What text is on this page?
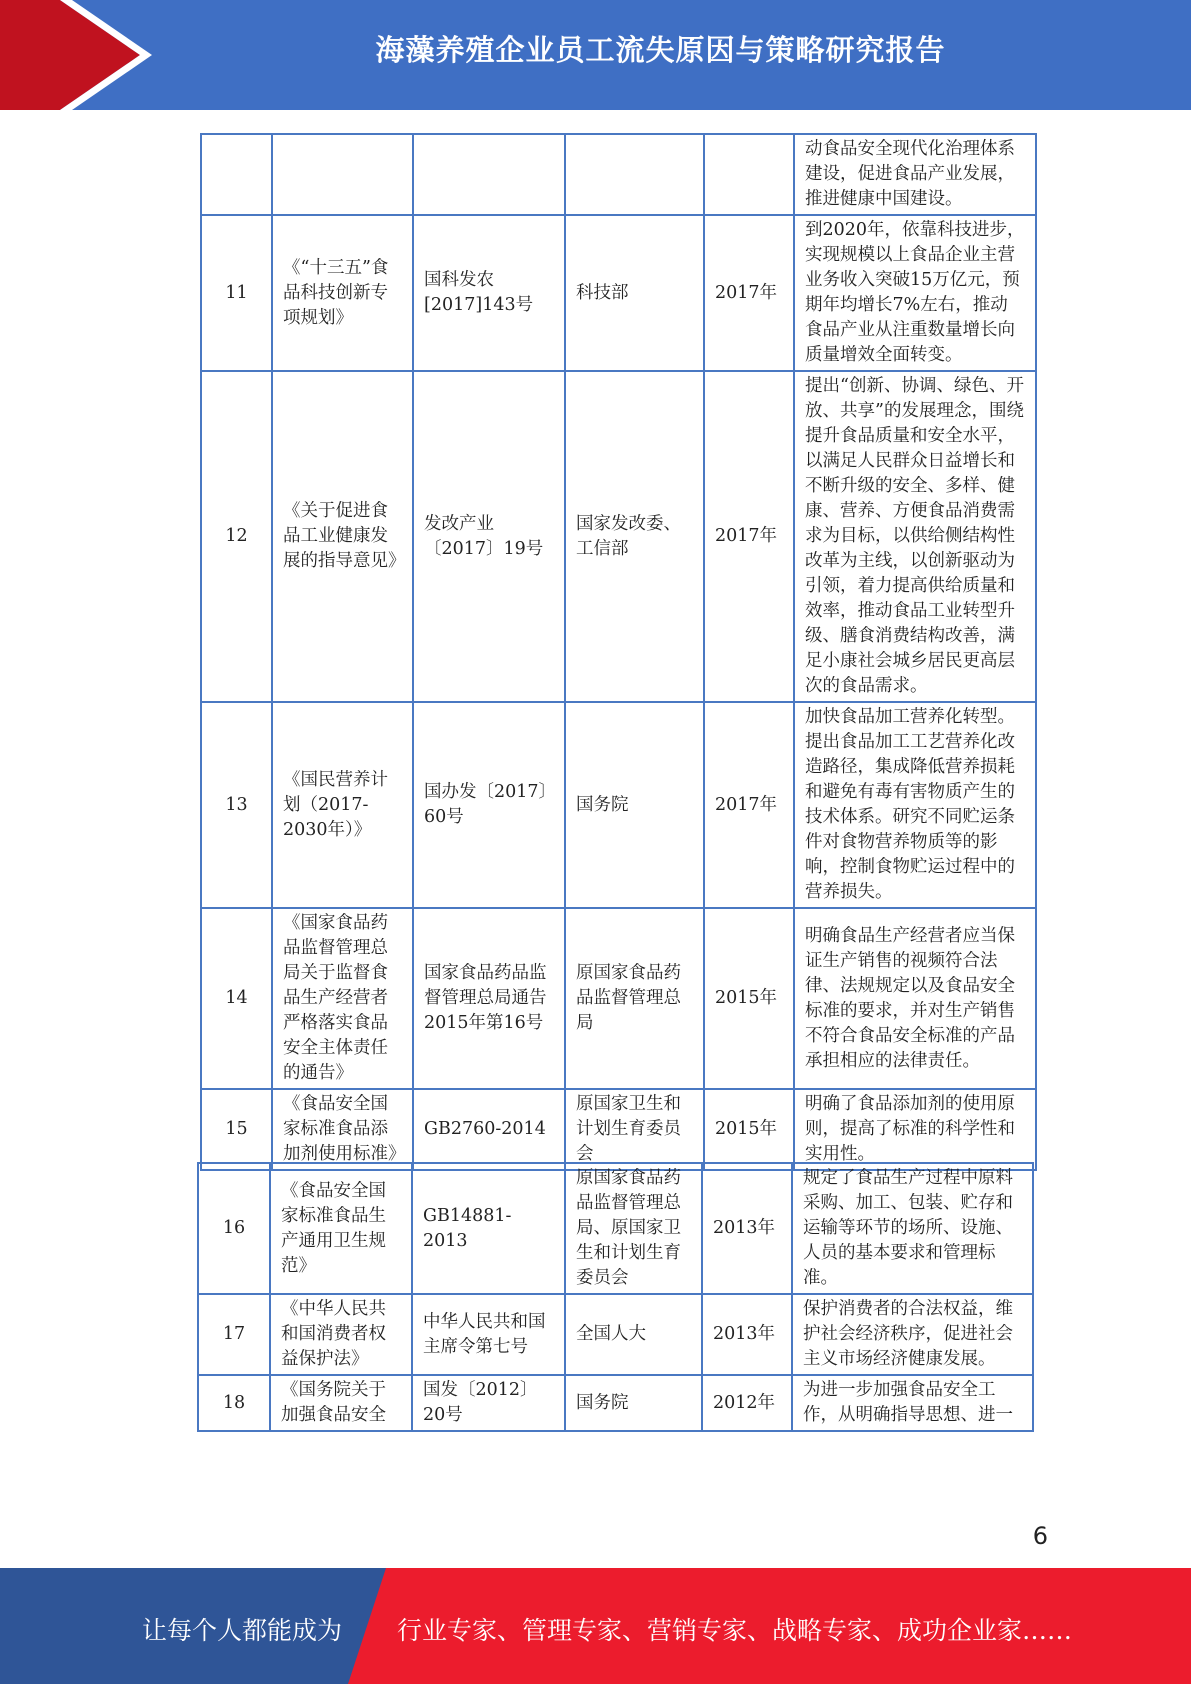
海藻养殖企业员工流失原因与策略研究报告
					动食品安全现代化治理体系建设，促进食品产业发展，推进健康中国建设。
11	《“十三五”食品科技创新专项规划》	国科发农[2017]143号	科技部	2017年	到2020年，依靠科技进步，实现规模以上食品企业主营业务收入突破15万亿元，预期年均增长7%左右，推动食品产业从注重数量增长向质量增效全面转变。
12	《关于促进食品工业健康发展的指导意见》	发改产业〔2017〕19号	国家发改委、工信部	2017年	提出“创新、协调、绿色、开放、共享”的发展理念，围绕提升食品质量和安全水平，以满足人民群众日益增长和不断升级的安全、多样、健康、营养、方便食品消费需求为目标，以供给侧结构性改革为主线，以创新驱动为引领，着力提高供给质量和效率，推动食品工业转型升级、膳食消费结构改善，满足小康社会城乡居民更高层次的食品需求。
13	《国民营养计划（2017-2030年）》	国办发〔2017〕60号	国务院	2017年	加快食品加工营养化转型。提出食品加工工艺营养化改造路径，集成降低营养损耗和避免有毒有害物质产生的技术体系。研究不同贮运条件对食物营养物质等的影响，控制食物贮运过程中的营养损失。
14	《国家食品药品监督管理总局关于监督食品生产经营者严格落实食品安全主体责任的通告》	国家食品药品监督管理总局通告2015年第16号	原国家食品药品监督管理总局	2015年	明确食品生产经营者应当保证生产销售的视频符合法律、法规规定以及食品安全标准的要求，并对生产销售不符合食品安全标准的产品承担相应的法律责任。
15	《食品安全国家标准食品添加剂使用标准》	GB2760-2014	原国家卫生和计划生育委员会	2015年	明确了食品添加剂的使用原则，提高了标准的科学性和实用性。
16	《食品安全国家标准食品生产通用卫生规范》	GB14881-2013	原国家食品药品监督管理总局、原国家卫生和计划生育委员会	2013年	规定了食品生产过程中原料采购、加工、包装、贮存和运输等环节的场所、设施、人员的基本要求和管理标准。
17	《中华人民共和国消费者权益保护法》	中华人民共和国主席令第七号	全国人大	2013年	保护消费者的合法权益，维护社会经济秩序，促进社会主义市场经济健康发展。
18	《国务院关于加强食品安全	国发〔2012〕20号	国务院	2012年	为进一步加强食品安全工作，从明确指导思想、进一
6
让每个人都能成为 行业专家、管理专家、营销专家、战略专家、成功企业家……
